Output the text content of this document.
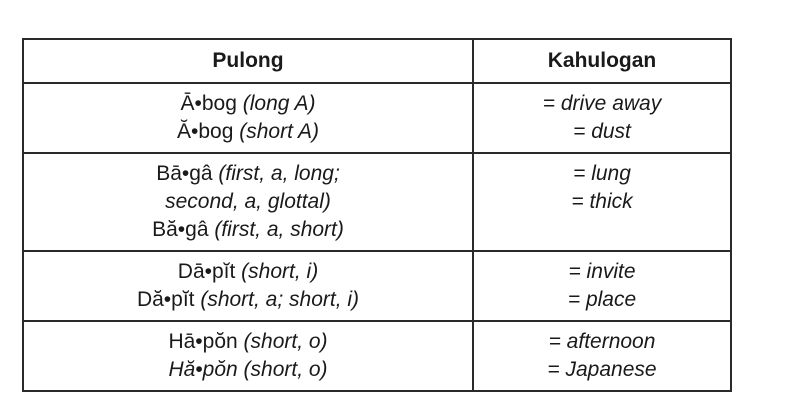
Pulong	Kahulogan
Ā•bog (long A)
Ă•bog (short A)
= drive away
= dust
Bā•gâ (first, a, long;
second, a, glottal)
Bă•gâ (first, a, short)
= lung
= thick
Dā•pĭt (short, i)
Dă•pĭt (short, a; short, i)
= invite
= place
Hā•pŏn (short, o)
Hă•pŏn (short, o)
= afternoon
= Japanese
